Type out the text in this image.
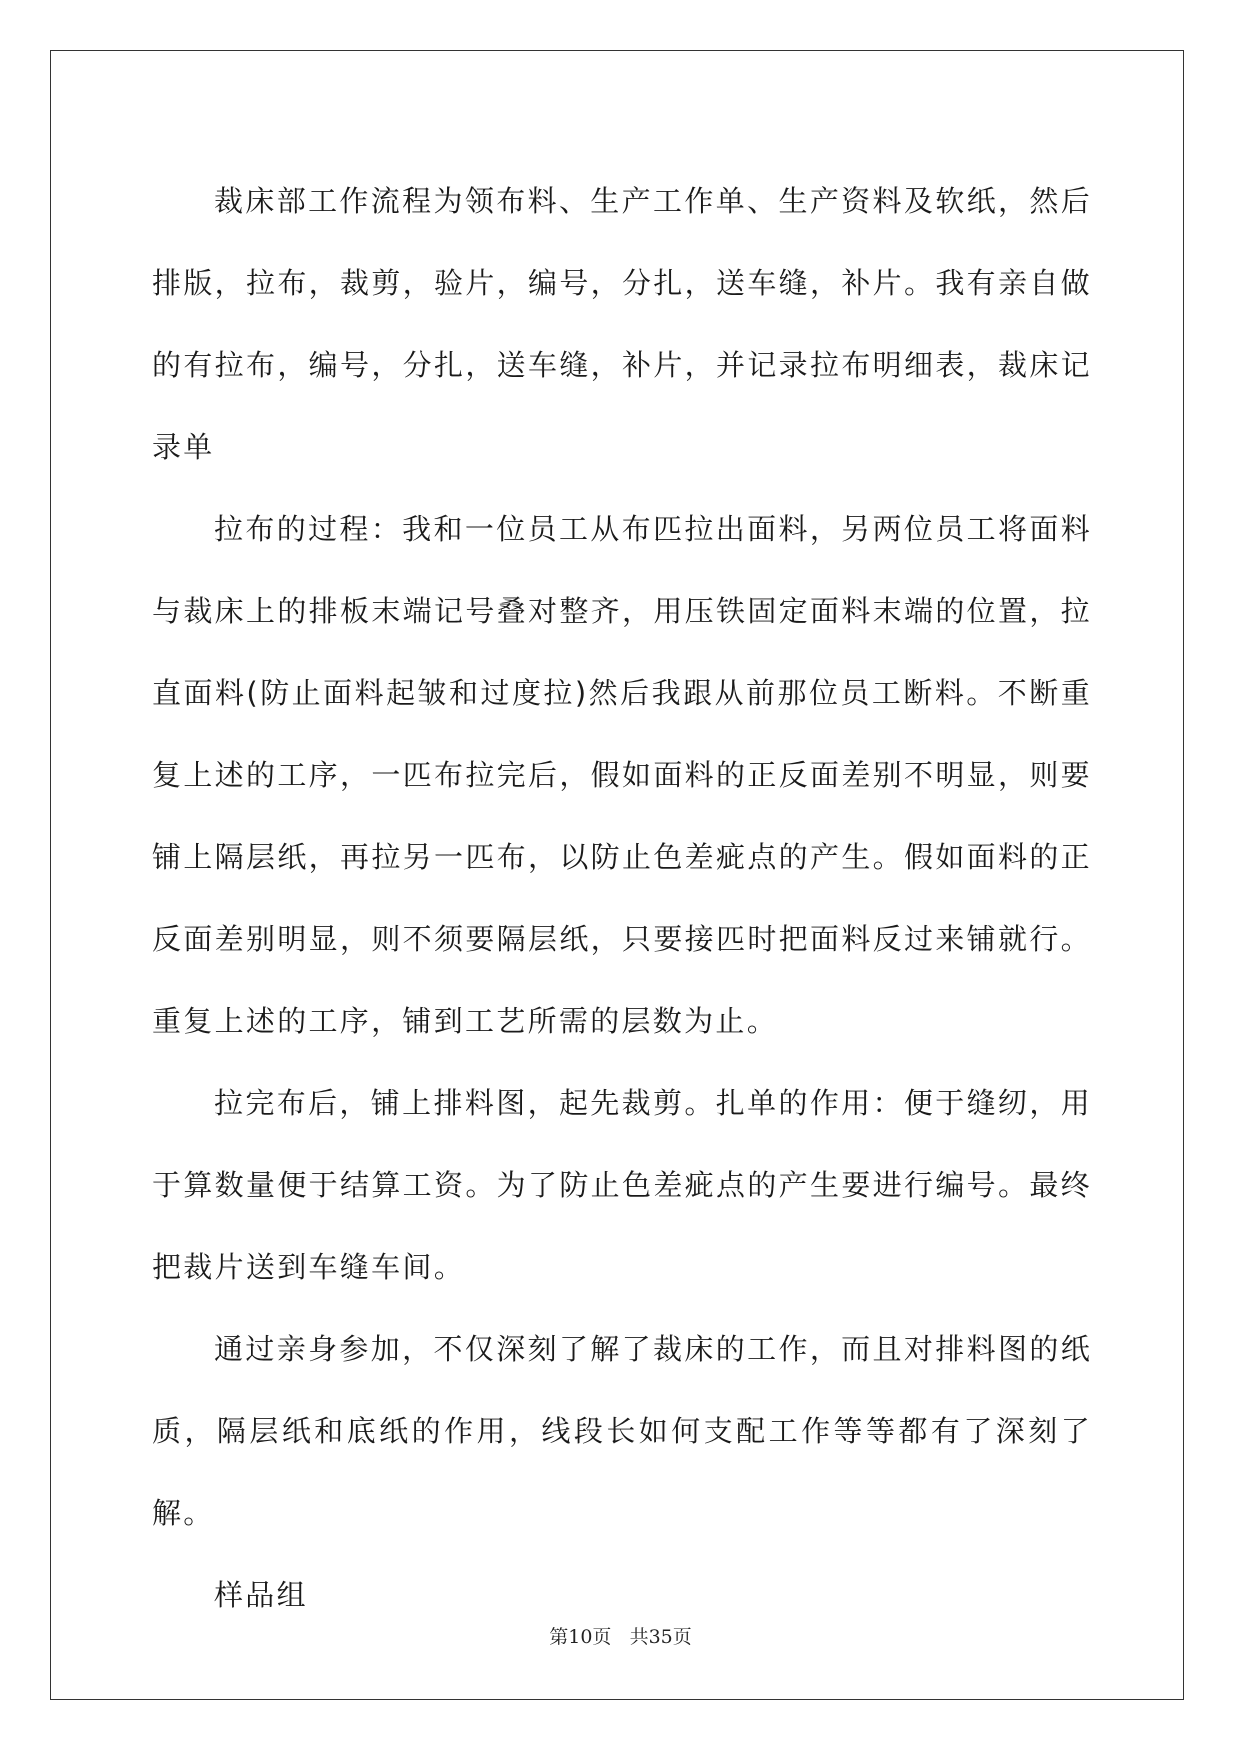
裁床部工作流程为领布料、生产工作单、生产资料及软纸，然后排版，拉布，裁剪，验片，编号，分扎，送车缝，补片。我有亲自做的有拉布，编号，分扎，送车缝，补片，并记录拉布明细表，裁床记录单

拉布的过程：我和一位员工从布匹拉出面料，另两位员工将面料与裁床上的排板末端记号叠对整齐，用压铁固定面料末端的位置，拉直面料(防止面料起皱和过度拉)然后我跟从前那位员工断料。不断重复上述的工序，一匹布拉完后，假如面料的正反面差别不明显，则要铺上隔层纸，再拉另一匹布，以防止色差疵点的产生。假如面料的正反面差别明显，则不须要隔层纸，只要接匹时把面料反过来铺就行。重复上述的工序，铺到工艺所需的层数为止。

拉完布后，铺上排料图，起先裁剪。扎单的作用：便于缝纫，用于算数量便于结算工资。为了防止色差疵点的产生要进行编号。最终把裁片送到车缝车间。

通过亲身参加，不仅深刻了解了裁床的工作，而且对排料图的纸质，隔层纸和底纸的作用，线段长如何支配工作等等都有了深刻了解。

样品组

第10页 共35页
